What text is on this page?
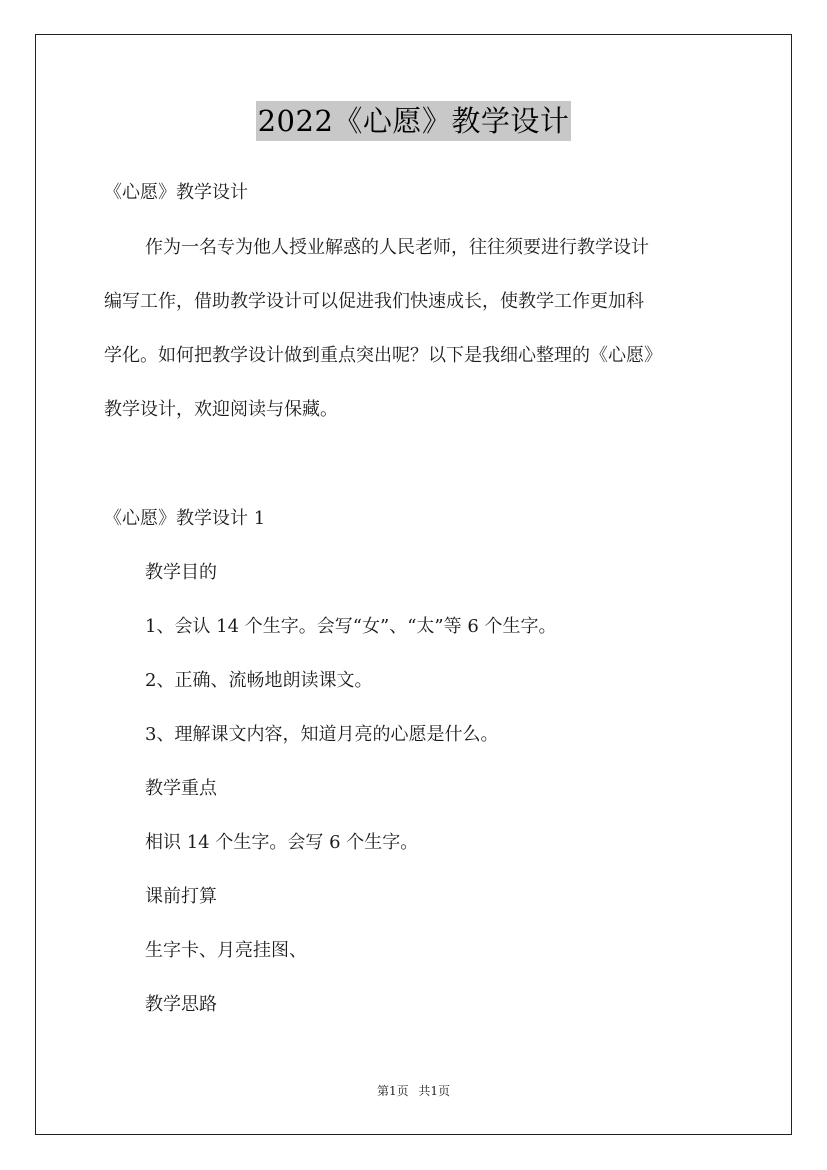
2022《心愿》教学设计
《心愿》教学设计
作为一名专为他人授业解惑的人民老师，往往须要进行教学设计
编写工作，借助教学设计可以促进我们快速成长，使教学工作更加科
学化。如何把教学设计做到重点突出呢？以下是我细心整理的《心愿》
教学设计，欢迎阅读与保藏。
《心愿》教学设计 1
教学目的
1、会认 14 个生字。会写“女”、“太”等 6 个生字。
2、正确、流畅地朗读课文。
3、理解课文内容，知道月亮的心愿是什么。
教学重点
相识 14 个生字。会写 6 个生字。
课前打算
生字卡、月亮挂图、
教学思路
第1页 共1页
